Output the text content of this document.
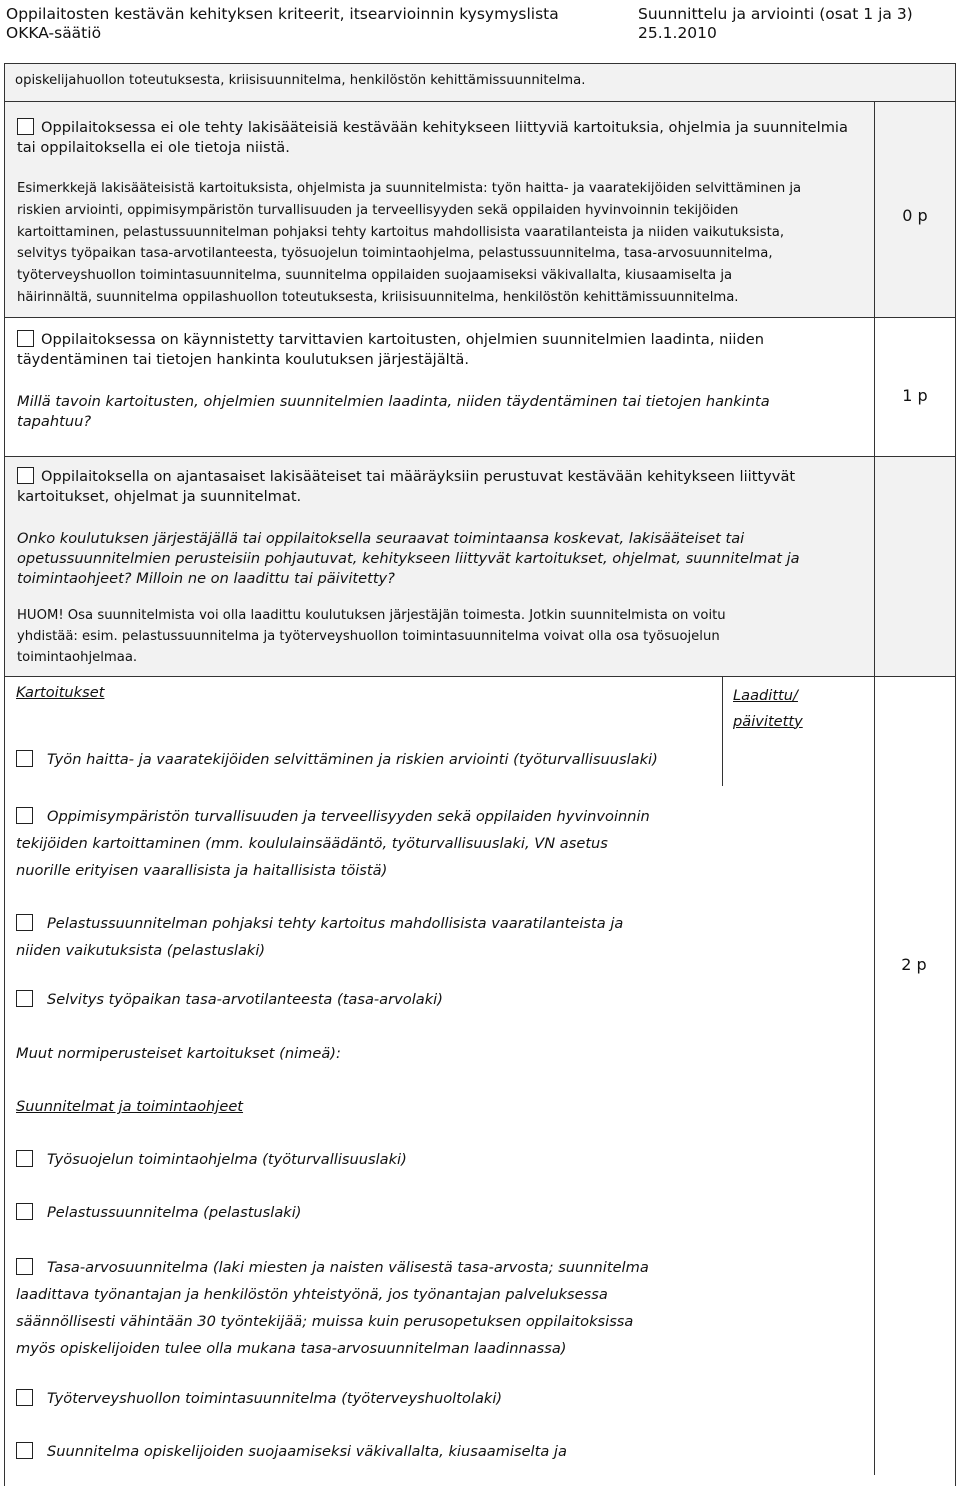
Oppilaitosten kestävän kehityksen kriteerit, itsearvioinnin kysymyslista	Suunnittelu ja arviointi (osat 1 ja 3)
OKKA-säätiö	25.1.2010
opiskelijahuollon toteutuksesta, kriisisuunnitelma, henkilöstön kehittämissuunnitelma.
Oppilaitoksessa ei ole tehty lakisääteisiä kestävään kehitykseen liittyviä kartoituksia, ohjelmia ja suunnitelmia tai oppilaitoksella ei ole tietoja niistä.
Esimerkkejä lakisääteisistä kartoituksista, ohjelmista ja suunnitelmista: työn haitta- ja vaaratekijöiden selvittäminen ja
riskien arviointi, oppimisympäristön turvallisuuden ja terveellisyyden sekä oppilaiden hyvinvoinnin tekijöiden
kartoittaminen, pelastussuunnitelman pohjaksi tehty kartoitus mahdollisista vaaratilanteista ja niiden vaikutuksista,
selvitys työpaikan tasa-arvotilanteesta, työsuojelun toimintaohjelma, pelastussuunnitelma, tasa-arvosuunnitelma,
työterveyshuollon toimintasuunnitelma, suunnitelma oppilaiden suojaamiseksi väkivallalta, kiusaamiselta ja
häirinnältä, suunnitelma oppilashuollon toteutuksesta, kriisisuunnitelma, henkilöstön kehittämissuunnitelma.
0 p
Oppilaitoksessa on käynnistetty tarvittavien kartoitusten, ohjelmien suunnitelmien laadinta, niiden
täydentäminen tai tietojen hankinta koulutuksen järjestäjältä.
Millä tavoin kartoitusten, ohjelmien suunnitelmien laadinta, niiden täydentäminen tai tietojen hankinta
tapahtuu?
1 p
Oppilaitoksella on ajantasaiset lakisääteiset tai määräyksiin perustuvat kestävään kehitykseen liittyvät
kartoitukset, ohjelmat ja suunnitelmat.
Onko koulutuksen järjestäjällä tai oppilaitoksella seuraavat toimintaansa koskevat, lakisääteiset tai
opetussuunnitelmien perusteisiin pohjautuvat, kehitykseen liittyvät kartoitukset, ohjelmat, suunnitelmat ja
toimintaohjeet? Milloin ne on laadittu tai päivitetty?
HUOM! Osa suunnitelmista voi olla laadittu koulutuksen järjestäjän toimesta. Jotkin suunnitelmista on voitu
yhdistää: esim. pelastussuunnitelma ja työterveyshuollon toimintasuunnitelma voivat olla osa työsuojelun
toimintaohjelmaa.
2 p
Kartoitukset	Laadittu/
päivitetty
Työn haitta- ja vaaratekijöiden selvittäminen ja riskien arviointi (työturvallisuuslaki)
Oppimisympäristön turvallisuuden ja terveellisyyden sekä oppilaiden hyvinvoinnin
tekijöiden kartoittaminen (mm. koululainsäädäntö, työturvallisuuslaki, VN asetus
nuorille erityisen vaarallisista ja haitallisista töistä)
Pelastussuunnitelman pohjaksi tehty kartoitus mahdollisista vaaratilanteista ja
niiden vaikutuksista (pelastuslaki)
Selvitys työpaikan tasa-arvotilanteesta (tasa-arvolaki)
Muut normiperusteiset kartoitukset (nimeä):
Suunnitelmat ja toimintaohjeet
Työsuojelun toimintaohjelma (työturvallisuuslaki)
Pelastussuunnitelma (pelastuslaki)
Tasa-arvosuunnitelma (laki miesten ja naisten välisestä tasa-arvosta; suunnitelma
laadittava työnantajan ja henkilöstön yhteistyönä, jos työnantajan palveluksessa
säännöllisesti vähintään 30 työntekijää; muissa kuin perusopetuksen oppilaitoksissa
myös opiskelijoiden tulee olla mukana tasa-arvosuunnitelman laadinnassa)
Työterveyshuollon toimintasuunnitelma (työterveyshuoltolaki)
Suunnitelma opiskelijoiden suojaamiseksi väkivallalta, kiusaamiselta ja
